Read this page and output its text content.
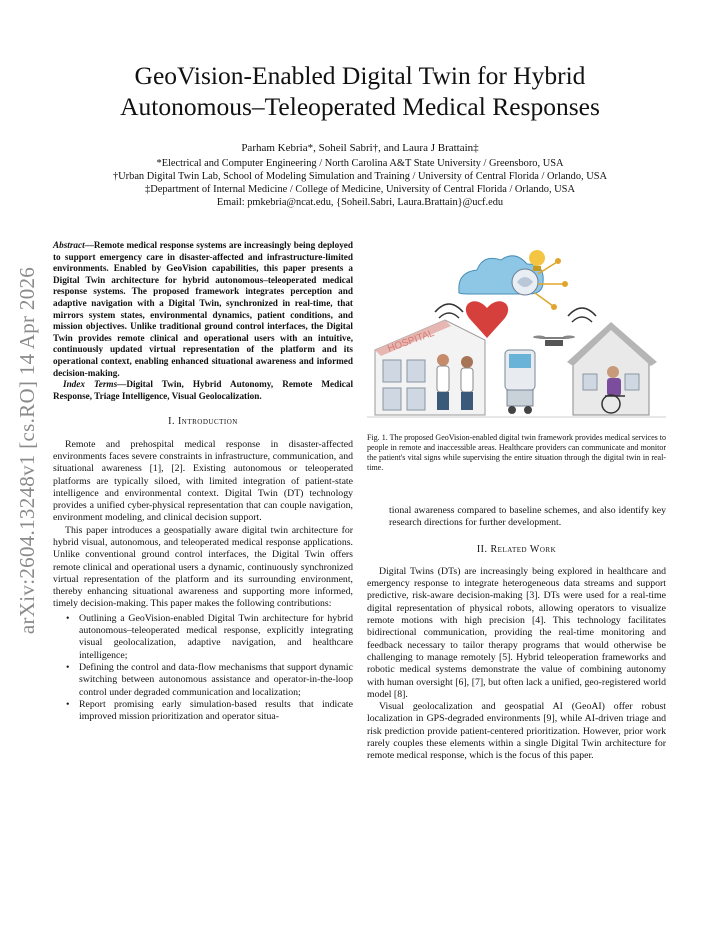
arXiv:2604.13248v1 [cs.RO] 14 Apr 2026
GeoVision-Enabled Digital Twin for Hybrid Autonomous–Teleoperated Medical Responses
Parham Kebria*, Soheil Sabri†, and Laura J Brattain‡
*Electrical and Computer Engineering / North Carolina A&T State University / Greensboro, USA
†Urban Digital Twin Lab, School of Modeling Simulation and Training / University of Central Florida / Orlando, USA
‡Department of Internal Medicine / College of Medicine, University of Central Florida / Orlando, USA
Email: pmkebria@ncat.edu, {Soheil.Sabri, Laura.Brattain}@ucf.edu

Abstract—Remote medical response systems are increasingly being deployed to support emergency care in disaster-affected and infrastructure-limited environments. Enabled by GeoVision capabilities, this paper presents a Digital Twin architecture for hybrid autonomous–teleoperated medical response systems. The proposed framework integrates perception and adaptive navigation with a Digital Twin, synchronized in real-time, that mirrors system states, environmental dynamics, patient conditions, and mission objectives. Unlike traditional ground control interfaces, the Digital Twin provides remote clinical and operational users with an intuitive, continuously updated virtual representation of the platform and its operational context, enabling enhanced situational awareness and informed decision-making.

Index Terms—Digital Twin, Hybrid Autonomy, Remote Medical Response, Triage Intelligence, Visual Geolocalization.

I. Introduction

Remote and prehospital medical response in disaster-affected environments faces severe constraints in infrastructure, communication, and situational awareness [1], [2]. Existing autonomous or teleoperated platforms are typically siloed, with limited integration of patient-state intelligence and environmental context. Digital Twin (DT) technology provides a unified cyber-physical representation that can couple navigation, environment modeling, and clinical decision support.

This paper introduces a geospatially aware digital twin architecture for hybrid visual, autonomous, and teleoperated medical response applications. Unlike conventional ground control interfaces, the Digital Twin offers remote clinical and operational users a dynamic, continuously synchronized virtual representation of the platform and its surrounding environment, thereby enhancing situational awareness and supporting more informed, timely decision-making. This paper makes the following contributions:

• Outlining a GeoVision-enabled Digital Twin architecture for hybrid autonomous–teleoperated medical response, explicitly integrating visual geolocalization, adaptive navigation, and healthcare intelligence;
• Defining the control and data-flow mechanisms that support dynamic switching between autonomous assistance and operator-in-the-loop control under degraded communication and localization;
• Report promising early simulation-based results that indicate improved mission prioritization and operator situa-
HOSPITAL

Fig. 1. The proposed GeoVision-enabled digital twin framework provides medical services to people in remote and inaccessible areas. Healthcare providers can communicate and monitor the patient's vital signs while supervising the entire situation through the digital twin in real-time.

tional awareness compared to baseline schemes, and also identify key research directions for further development.

II. Related Work

Digital Twins (DTs) are increasingly being explored in healthcare and emergency response to integrate heterogeneous data streams and support predictive, risk-aware decision-making [3]. DTs were used for a real-time digital representation of physical robots, allowing operators to visualize remote motions with high precision [4]. This technology facilitates bidirectional communication, providing the real-time monitoring and feedback necessary to tailor therapy programs that would otherwise be challenging to manage remotely [5]. Hybrid teleoperation frameworks and robotic medical systems demonstrate the value of combining autonomy with human oversight [6], [7], but often lack a unified, geo-registered world model [8].

Visual geolocalization and geospatial AI (GeoAI) offer robust localization in GPS-degraded environments [9], while AI-driven triage and risk prediction provide patient-centered prioritization. However, prior work rarely couples these elements within a single Digital Twin architecture for remote medical response, which is the focus of this paper.
